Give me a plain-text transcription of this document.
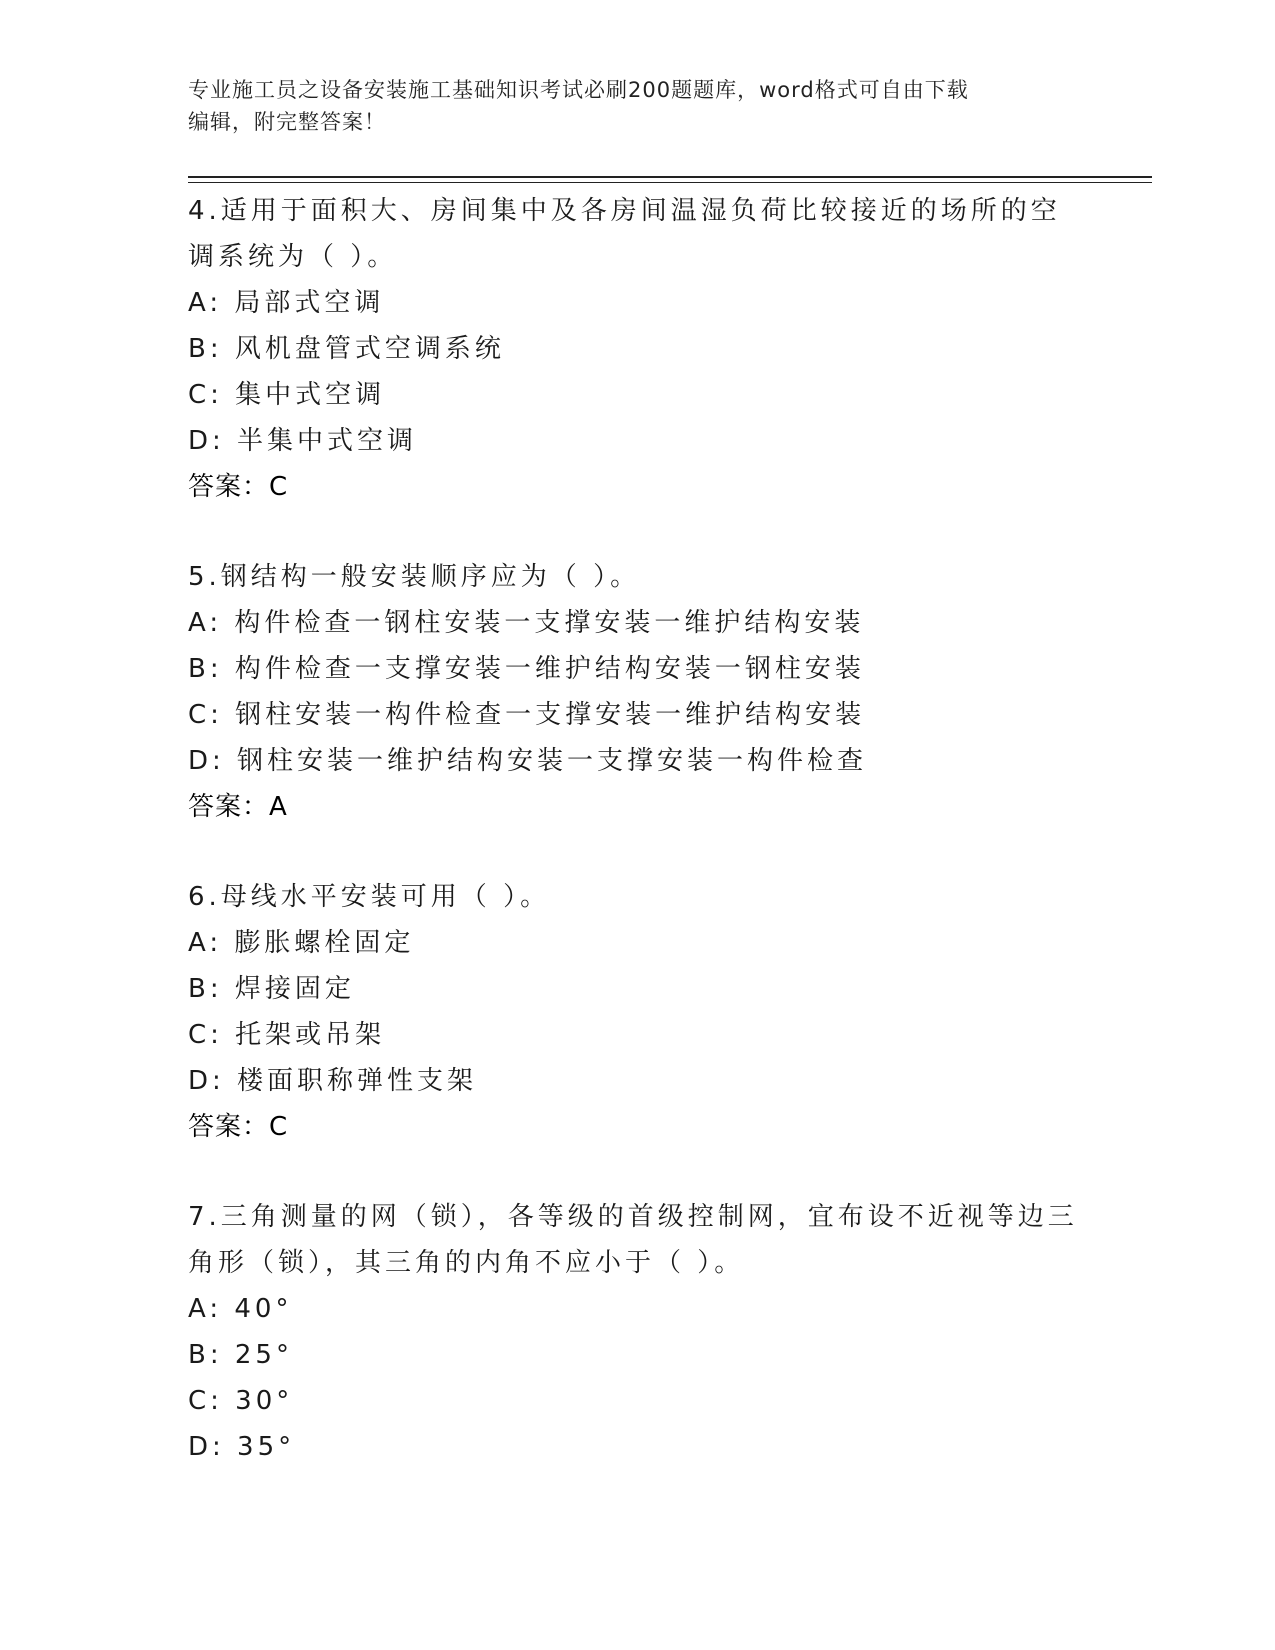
专业施工员之设备安装施工基础知识考试必刷200题题库，word格式可自由下载
编辑，附完整答案！
4.适用于面积大、房间集中及各房间温湿负荷比较接近的场所的空调系统为（ ）。
A: 局部式空调
B: 风机盘管式空调系统
C: 集中式空调
D: 半集中式空调
答案：C
5.钢结构一般安装顺序应为（ ）。
A: 构件检查一钢柱安装一支撑安装一维护结构安装
B: 构件检查一支撑安装一维护结构安装一钢柱安装
C: 钢柱安装一构件检查一支撑安装一维护结构安装
D: 钢柱安装一维护结构安装一支撑安装一构件检查
答案：A
6.母线水平安装可用（ ）。
A: 膨胀螺栓固定
B: 焊接固定
C: 托架或吊架
D: 楼面职称弹性支架
答案：C
7.三角测量的网（锁），各等级的首级控制网，宜布设不近视等边三角形（锁），其三角的内角不应小于（ ）。
A: 40°
B: 25°
C: 30°
D: 35°
